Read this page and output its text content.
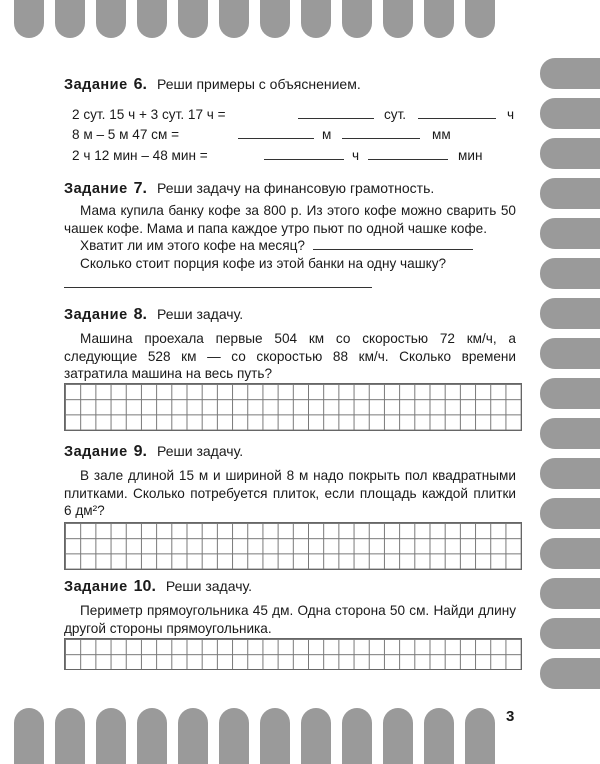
Задание 6. Реши примеры с объяснением.
2 сут. 15 ч + 3 сут. 17 ч =	сут.	ч
8 м – 5 м 47 см =	м	мм
2 ч 12 мин – 48 мин =	ч	мин
Задание 7. Реши задачу на финансовую грамотность.
Мама купила банку кофе за 800 р. Из этого кофе можно сварить 50 чашек кофе. Мама и папа каждое утро пьют по одной чашке кофе.
Хватит ли им этого кофе на месяц?
Сколько стоит порция кофе из этой банки на одну чашку?
Задание 8. Реши задачу.
Машина проехала первые 504 км со скоростью 72 км/ч, а следующие 528 км — со скоростью 88 км/ч. Сколько времени затратила машина на весь путь?
Задание 9. Реши задачу.
В зале длиной 15 м и шириной 8 м надо покрыть пол квадратными плитками. Сколько потребуется плиток, если площадь каждой плитки 6 дм²?
Задание 10. Реши задачу.
Периметр прямоугольника 45 дм. Одна сторона 50 см. Найди длину другой стороны прямоугольника.
3
